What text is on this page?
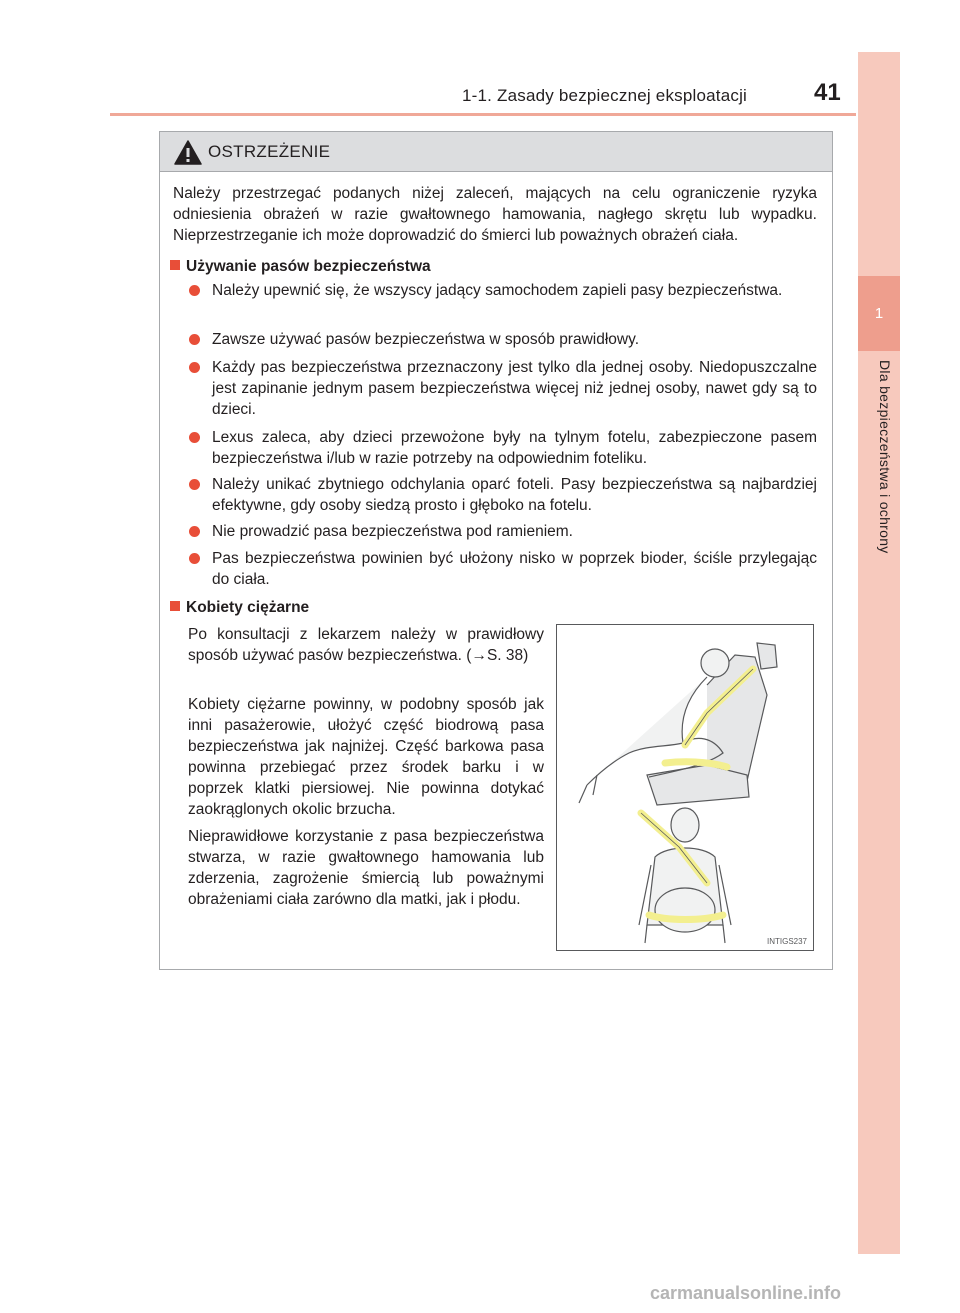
1-1. Zasady bezpiecznej eksploatacji	41
1
Dla bezpieczeństwa i ochrony
OSTRZEŻENIE
Należy przestrzegać podanych niżej zaleceń, mających na celu ograniczenie ryzyka odniesienia obrażeń w razie gwałtownego hamowania, nagłego skrętu lub wypadku. Nieprzestrzeganie ich może doprowadzić do śmierci lub poważnych obrażeń ciała.
Używanie pasów bezpieczeństwa
Należy upewnić się, że wszyscy jadący samochodem zapieli pasy bezpieczeństwa.
Zawsze używać pasów bezpieczeństwa w sposób prawidłowy.
Każdy pas bezpieczeństwa przeznaczony jest tylko dla jednej osoby. Niedopuszczalne jest zapinanie jednym pasem bezpieczeństwa więcej niż jednej osoby, nawet gdy są to dzieci.
Lexus zaleca, aby dzieci przewożone były na tylnym fotelu, zabezpieczone pasem bezpieczeństwa i/lub w razie potrzeby na odpowiednim foteliku.
Należy unikać zbytniego odchylania oparć foteli. Pasy bezpieczeństwa są najbardziej efektywne, gdy osoby siedzą prosto i głęboko na fotelu.
Nie prowadzić pasa bezpieczeństwa pod ramieniem.
Pas bezpieczeństwa powinien być ułożony nisko w poprzek bioder, ściśle przylegając do ciała.
Kobiety ciężarne
Po konsultacji z lekarzem należy w prawidłowy sposób używać pasów bezpieczeństwa. (→S. 38)
Kobiety ciężarne powinny, w podobny sposób jak inni pasażerowie, ułożyć część biodrową pasa bezpieczeństwa jak najniżej. Część barkowa pasa powinna przebiegać przez środek barku i w poprzek klatki piersiowej. Nie powinna dotykać zaokrąglonych okolic brzucha.
Nieprawidłowe korzystanie z pasa bezpieczeństwa stwarza, w razie gwałtownego hamowania lub zderzenia, zagrożenie śmiercią lub poważnymi obrażeniami ciała zarówno dla matki, jak i płodu.
INTIGS237
carmanualsonline.info
